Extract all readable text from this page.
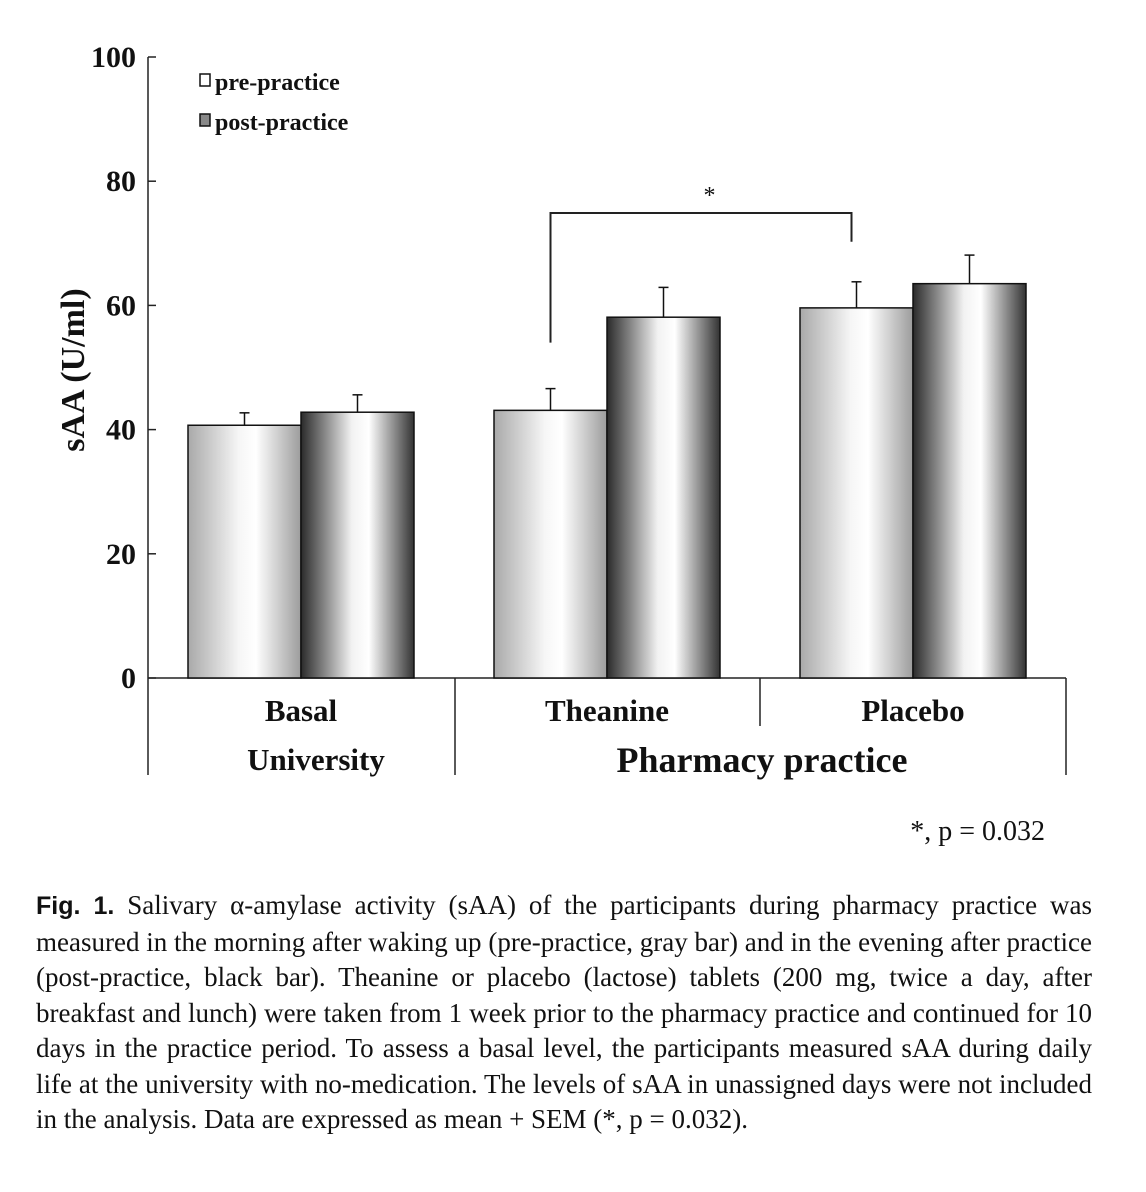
sAA (U/ml)
0
20
40
60
80
100
Basal	Theanine	Placebo
University	Pharmacy practice
pre-practice
post-practice
*
*, p = 0.032

Fig. 1. Salivary α-amylase activity (sAA) of the participants during pharmacy practice was measured in the morning after waking up (pre-practice, gray bar) and in the evening after practice (post-practice, black bar). Theanine or placebo (lactose) tablets (200 mg, twice a day, after breakfast and lunch) were taken from 1 week prior to the pharmacy practice and continued for 10 days in the practice period. To assess a basal level, the participants measured sAA during daily life at the university with no-medication. The levels of sAA in unassigned days were not included in the analysis. Data are expressed as mean + SEM (*, p = 0.032).
